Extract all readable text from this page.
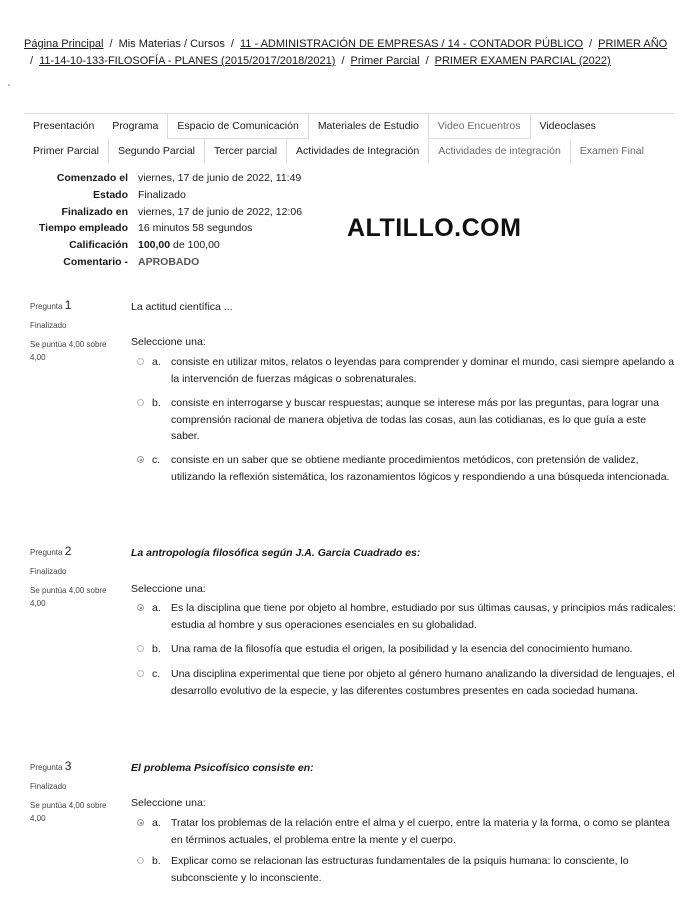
Página Principal / Mis Materias / Cursos / 11 - ADMINISTRACIÓN DE EMPRESAS / 14 - CONTADOR PÚBLICO / PRIMER AÑO
/ 11-14-10-133-FILOSOFÍA - PLANES (2015/2017/2018/2021) / Primer Parcial / PRIMER EXAMEN PARCIAL (2022)
Presentación	Programa	Espacio de Comunicación	Materiales de Estudio	Video Encuentros	Videoclases
Primer Parcial	Segundo Parcial	Tercer parcial	Actividades de Integración	Actividades de integración	Examen Final
Comenzado el viernes, 17 de junio de 2022, 11:49
Estado Finalizado
Finalizado en viernes, 17 de junio de 2022, 12:06
Tiempo empleado 16 minutos 58 segundos
Calificación 100,00 de 100,00
Comentario - APROBADO
ALTILLO.COM
Pregunta 1
Finalizado
Se puntúa 4,00 sobre 4,00
La actitud científica ...
Seleccione una:
a. consiste en utilizar mitos, relatos o leyendas para comprender y dominar el mundo, casi siempre apelando a la intervención de fuerzas mágicas o sobrenaturales.
b. consiste en interrogarse y buscar respuestas; aunque se interese más por las preguntas, para lograr una comprensión racional de manera objetiva de todas las cosas, aun las cotidianas, es lo que guía a este saber.
c. consiste en un saber que se obtiene mediante procedimientos metódicos, con pretensión de validez, utilizando la reflexión sistemática, los razonamientos lógicos y respondiendo a una búsqueda intencionada.
Pregunta 2
Finalizado
Se puntúa 4,00 sobre 4,00
La antropología filosófica según J.A. Garcia Cuadrado es:
Seleccione una:
a. Es la disciplina que tiene por objeto al hombre, estudiado por sus últimas causas, y principios más radicales: estudia al hombre y sus operaciones esenciales en su globalidad.
b. Una rama de la filosofía que estudia el origen, la posibilidad y la esencia del conocimiento humano.
c. Una disciplina experimental que tiene por objeto al género humano analizando la diversidad de lenguajes, el desarrollo evolutivo de la especie, y las diferentes costumbres presentes en cada sociedad humana.
Pregunta 3
Finalizado
Se puntúa 4,00 sobre 4,00
El problema Psicofísico consiste en:
Seleccione una:
a. Tratar los problemas de la relación entre el alma y el cuerpo, entre la materia y la forma, o como se plantea en términos actuales, el problema entre la mente y el cuerpo.
b. Explicar como se relacionan las estructuras fundamentales de la psiquis humana: lo consciente, lo subconsciente y lo inconsciente.
